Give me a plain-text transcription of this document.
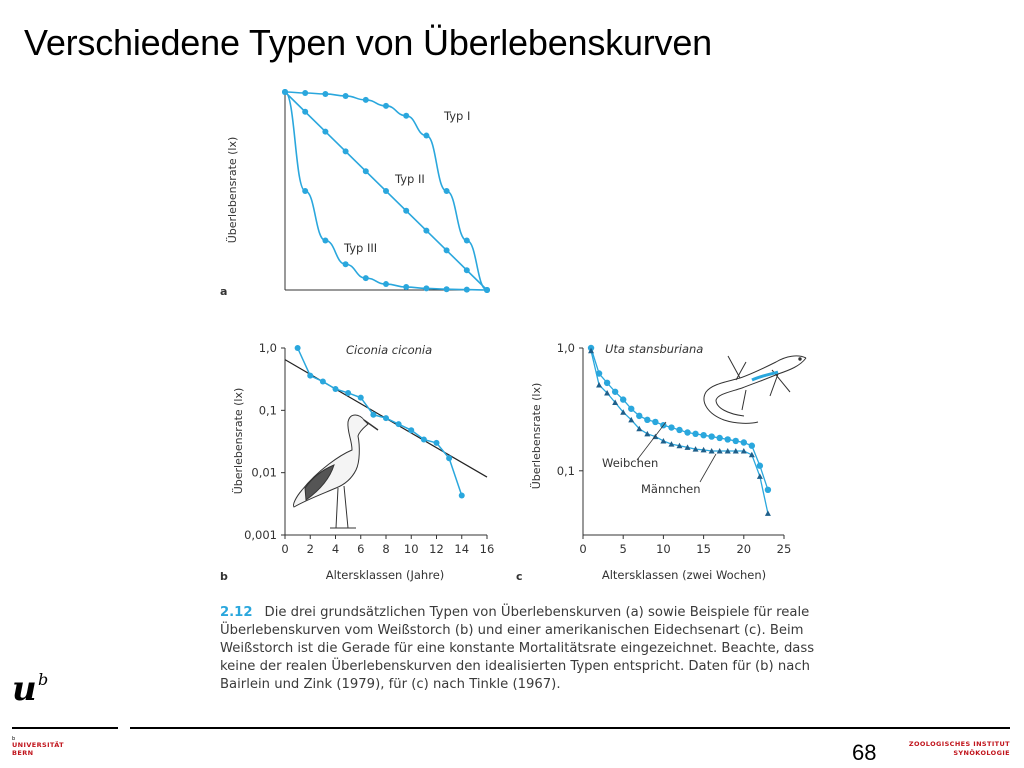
Verschiedene Typen von Überlebenskurven
Überlebensrate (lx)
a
Typ I
Typ II
Typ III
Überlebensrate (lx)
Ciconia ciconia
Altersklassen (Jahre)
b
0 2 4 6 8 10 12 14 16
1,0
0,1
0,01
0,001
Überlebensrate (lx)
Uta stansburiana
Altersklassen (zwei Wochen)
c
0	5	10 15 20 25
1,0
0,1
Weibchen
Männchen
2.12 Die drei grundsätzlichen Typen von Überlebenskurven (a) sowie Beispiele für reale
Überlebenskurven vom Weißstorch (b) und einer amerikanischen Eidechsenart (c). Beim
Weißstorch ist die Gerade für eine konstante Mortalitätsrate eingezeichnet. Beachte, dass
keine der realen Überlebenskurven den idealisierten Typen entspricht. Daten für (b) nach
Bairlein und Zink (1979), für (c) nach Tinkle (1967).
u b
b
UNIVERSITÄT
BERN	68	ZOOLOGISCHES INSTITUT
SYNÖKOLOGIE
